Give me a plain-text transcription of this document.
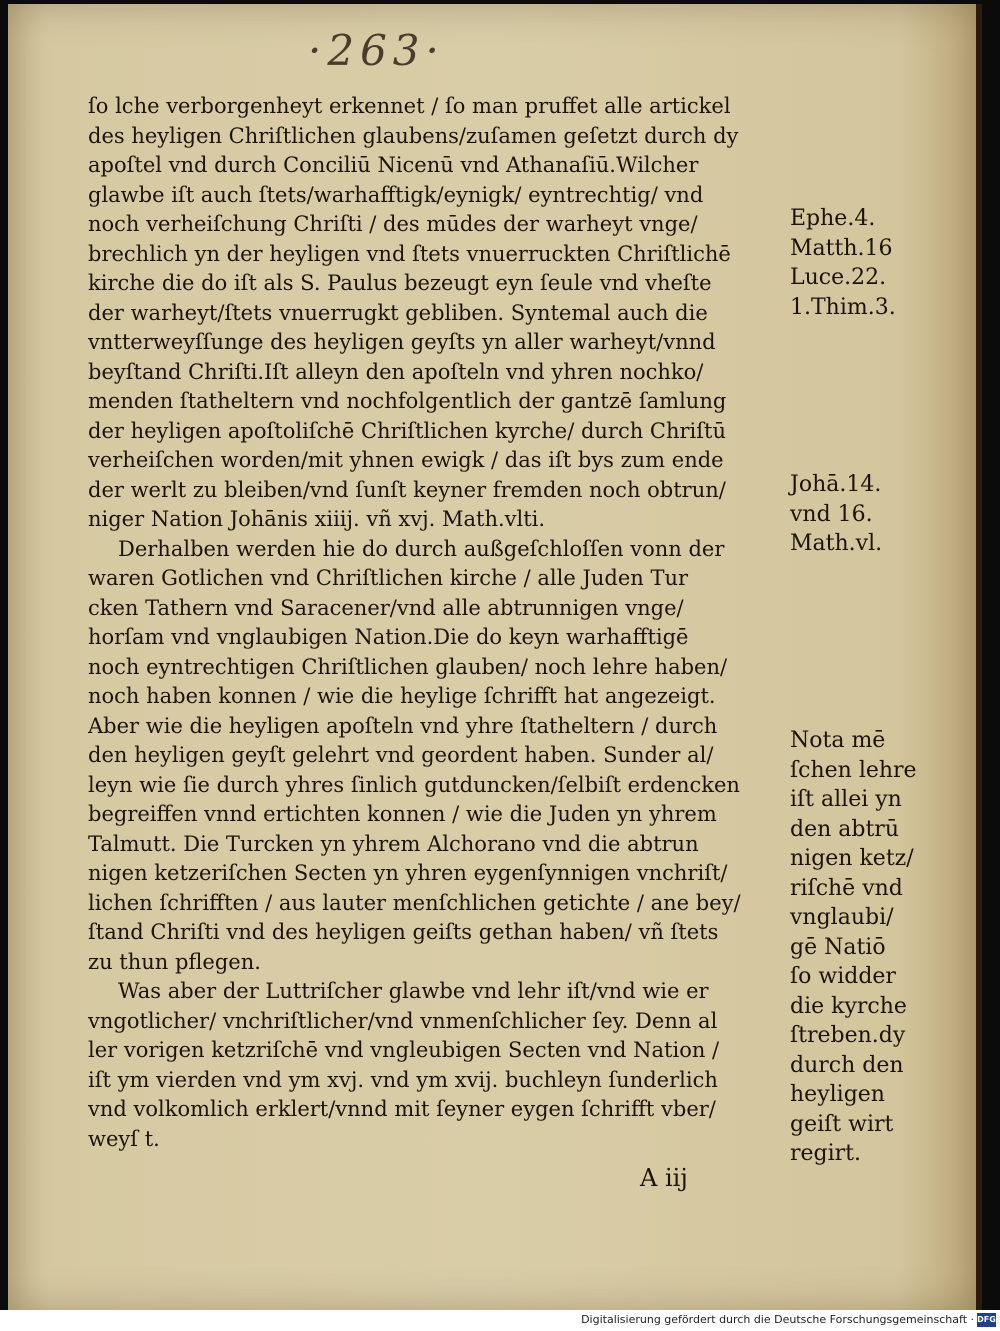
·263·
ſo lche verborgenheyt erkennet / ſo man pruffet alle artickel
des heyligen Chriſtlichen glaubens/zuſamen geſetzt durch dy
apoſtel vnd durch Conciliū Nicenū vnd Athanaſiū.Wilcher
glawbe iſt auch ſtets/warhafftigk/eynigk/ eyntrechtig/ vnd
noch verheiſchung Chriſti / des mūdes der warheyt vnge/
brechlich yn der heyligen vnd ſtets vnuerruckten Chriſtlichē
kirche die do iſt als S. Paulus bezeugt eyn ſeule vnd vheſte
der warheyt/ſtets vnuerrugkt gebliben. Syntemal auch die
vntterweyſſunge des heyligen geyſts yn aller warheyt/vnnd
beyſtand Chriſti.Iſt alleyn den apoſteln vnd yhren nochko/
menden ſtatheltern vnd nochfolgentlich der gantzē ſamlung
der heyligen apoſtoliſchē Chriſtlichen kyrche/ durch Chriſtū
verheiſchen worden/mit yhnen ewigk / das iſt bys zum ende
der werlt zu bleiben/vnd ſunſt keyner fremden noch obtrun/
niger Nation Johānis xiiij. vñ xvj. Math.vlti.
Derhalben werden hie do durch außgeſchloſſen vonn der
waren Gotlichen vnd Chriſtlichen kirche / alle Juden Tur
cken Tathern vnd Saracener/vnd alle abtrunnigen vnge/
horſam vnd vnglaubigen Nation.Die do keyn warhafftigē
noch eyntrechtigen Chriſtlichen glauben/ noch lehre haben/
noch haben konnen / wie die heylige ſchrifft hat angezeigt.
Aber wie die heyligen apoſteln vnd yhre ſtatheltern / durch
den heyligen geyſt gelehrt vnd geordent haben. Sunder al/
leyn wie ſie durch yhres ſinlich gutduncken/ſelbiſt erdencken
begreiffen vnnd ertichten konnen / wie die Juden yn yhrem
Talmutt. Die Turcken yn yhrem Alchorano vnd die abtrun
nigen ketzeriſchen Secten yn yhren eygenſynnigen vnchriſt/
lichen ſchrifften / aus lauter menſchlichen getichte / ane bey/
ſtand Chriſti vnd des heyligen geiſts gethan haben/ vñ ſtets
zu thun pflegen.
Was aber der Luttriſcher glawbe vnd lehr iſt/vnd wie er
vngotlicher/ vnchriſtlicher/vnd vnmenſchlicher ſey. Denn al
ler vorigen ketzriſchē vnd vngleubigen Secten vnd Nation /
iſt ym vierden vnd ym xvj. vnd ym xvij. buchleyn ſunderlich
vnd volkomlich erklert/vnnd mit ſeyner eygen ſchrifft vber/
weyſ t.
Ephe.4.
Matth.16
Luce.22.
1.Thim.3.
Johā.14.
vnd 16.
Math.vl.
Nota mē
ſchen lehre
iſt allei yn
den abtrū
nigen ketz/
riſchē vnd
vnglaubi/
gē Natiō
ſo widder
die kyrche
ſtreben.dy
durch den
heyligen
geiſt wirt
regirt.
A iij
Digitalisierung gefördert durch die Deutsche Forschungsgemeinschaft · DFG
